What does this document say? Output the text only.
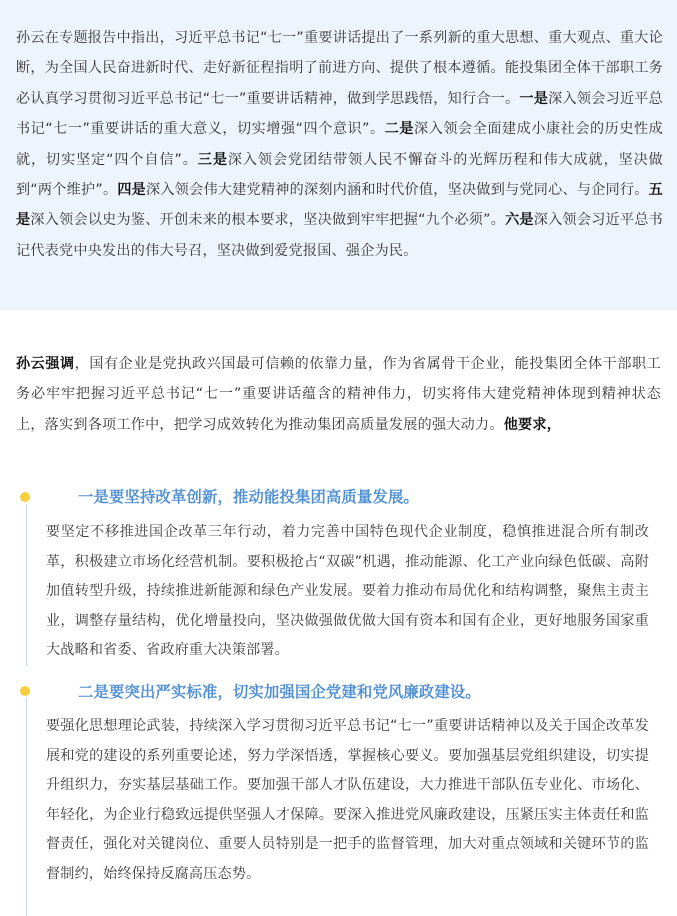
孙云在专题报告中指出，习近平总书记“七一”重要讲话提出了一系列新的重大思想、重大观点、重大论断，为全国人民奋进新时代、走好新征程指明了前进方向、提供了根本遵循。能投集团全体干部职工务必认真学习贯彻习近平总书记“七一”重要讲话精神，做到学思践悟，知行合一。一是深入领会习近平总书记“七一”重要讲话的重大意义，切实增强“四个意识”。二是深入领会全面建成小康社会的历史性成就，切实坚定“四个自信”。三是深入领会党团结带领人民不懈奋斗的光辉历程和伟大成就，坚决做到“两个维护”。四是深入领会伟大建党精神的深刻内涵和时代价值，坚决做到与党同心、与企同行。五是深入领会以史为鉴、开创未来的根本要求，坚决做到牢牢把握“九个必须”。六是深入领会习近平总书记代表党中央发出的伟大号召，坚决做到爱党报国、强企为民。

孙云强调，国有企业是党执政兴国最可信赖的依靠力量，作为省属骨干企业，能投集团全体干部职工务必牢牢把握习近平总书记“七一”重要讲话蕴含的精神伟力，切实将伟大建党精神体现到精神状态上，落实到各项工作中，把学习成效转化为推动集团高质量发展的强大动力。他要求，

一是要坚持改革创新，推动能投集团高质量发展。

要坚定不移推进国企改革三年行动，着力完善中国特色现代企业制度，稳慎推进混合所有制改革，积极建立市场化经营机制。要积极抢占“双碳”机遇，推动能源、化工产业向绿色低碳、高附加值转型升级，持续推进新能源和绿色产业发展。要着力推动布局优化和结构调整，聚焦主责主业，调整存量结构，优化增量投向，坚决做强做优做大国有资本和国有企业，更好地服务国家重大战略和省委、省政府重大决策部署。

二是要突出严实标准，切实加强国企党建和党风廉政建设。

要强化思想理论武装，持续深入学习贯彻习近平总书记“七一”重要讲话精神以及关于国企改革发展和党的建设的系列重要论述，努力学深悟透，掌握核心要义。要加强基层党组织建设，切实提升组织力，夯实基层基础工作。要加强干部人才队伍建设，大力推进干部队伍专业化、市场化、年轻化，为企业行稳致远提供坚强人才保障。要深入推进党风廉政建设，压紧压实主体责任和监督责任，强化对关键岗位、重要人员特别是一把手的监督管理，加大对重点领域和关键环节的监督制约，始终保持反腐高压态势。
